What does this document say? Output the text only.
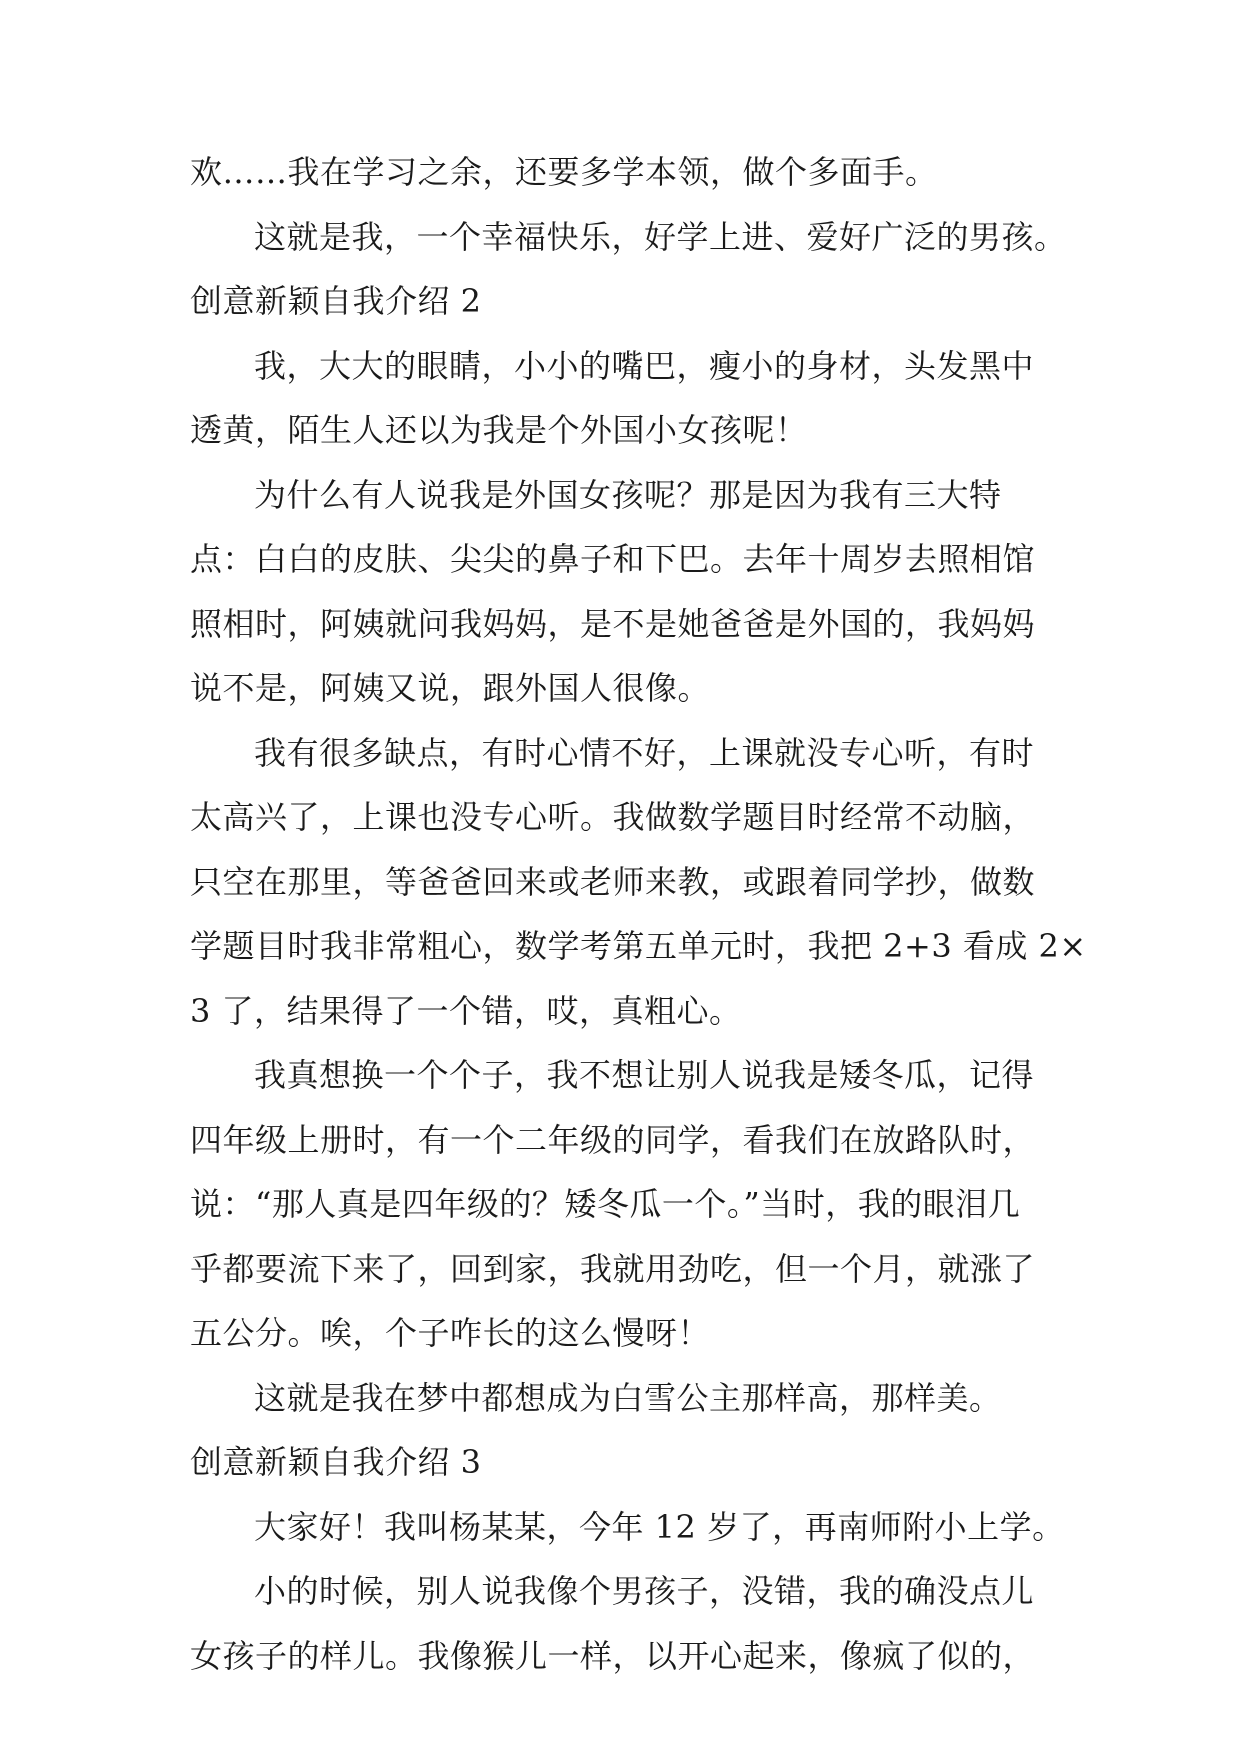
欢……我在学习之余，还要多学本领，做个多面手。

这就是我，一个幸福快乐，好学上进、爱好广泛的男孩。

创意新颖自我介绍 2

我，大大的眼睛，小小的嘴巴，瘦小的身材，头发黑中

透黄，陌生人还以为我是个外国小女孩呢！

为什么有人说我是外国女孩呢？那是因为我有三大特

点：白白的皮肤、尖尖的鼻子和下巴。去年十周岁去照相馆

照相时，阿姨就问我妈妈，是不是她爸爸是外国的，我妈妈

说不是，阿姨又说，跟外国人很像。

我有很多缺点，有时心情不好，上课就没专心听，有时

太高兴了，上课也没专心听。我做数学题目时经常不动脑，

只空在那里，等爸爸回来或老师来教，或跟着同学抄，做数

学题目时我非常粗心，数学考第五单元时，我把 2+3 看成 2×

3 了，结果得了一个错，哎，真粗心。

我真想换一个个子，我不想让别人说我是矮冬瓜，记得

四年级上册时，有一个二年级的同学，看我们在放路队时，

说：“那人真是四年级的？矮冬瓜一个。”当时，我的眼泪几

乎都要流下来了，回到家，我就用劲吃，但一个月，就涨了

五公分。唉，个子咋长的这么慢呀！

这就是我在梦中都想成为白雪公主那样高，那样美。

创意新颖自我介绍 3

大家好！我叫杨某某，今年 12 岁了，再南师附小上学。

小的时候，别人说我像个男孩子，没错，我的确没点儿

女孩子的样儿。我像猴儿一样，以开心起来，像疯了似的，
